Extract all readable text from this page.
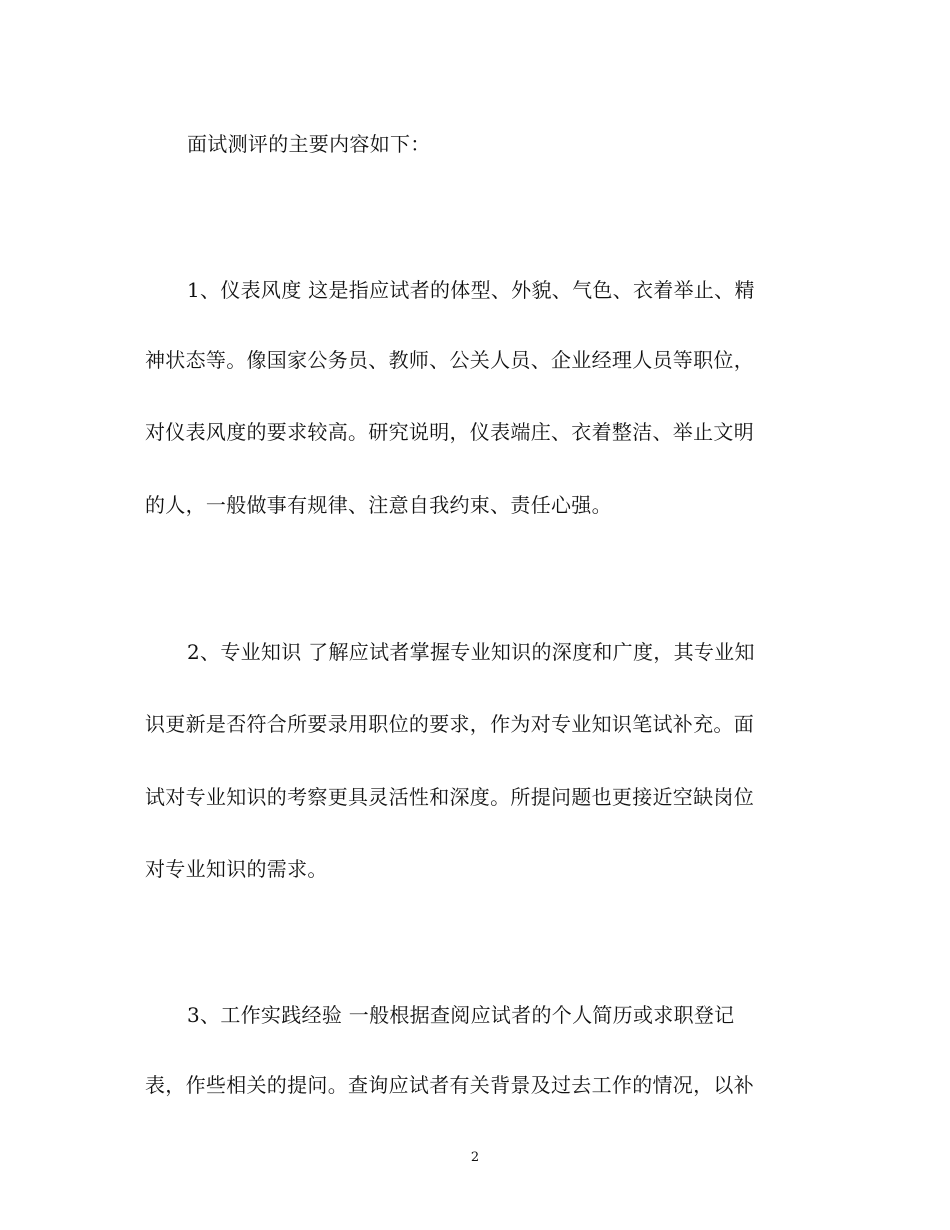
面试测评的主要内容如下：
1、仪表风度 这是指应试者的体型、外貌、气色、衣着举止、精
神状态等。像国家公务员、教师、公关人员、企业经理人员等职位，
对仪表风度的要求较高。研究说明，仪表端庄、衣着整洁、举止文明
的人，一般做事有规律、注意自我约束、责任心强。
2、专业知识 了解应试者掌握专业知识的深度和广度，其专业知
识更新是否符合所要录用职位的要求，作为对专业知识笔试补充。面
试对专业知识的考察更具灵活性和深度。所提问题也更接近空缺岗位
对专业知识的需求。
3、工作实践经验 一般根据查阅应试者的个人简历或求职登记
表，作些相关的提问。查询应试者有关背景及过去工作的情况，以补
2
